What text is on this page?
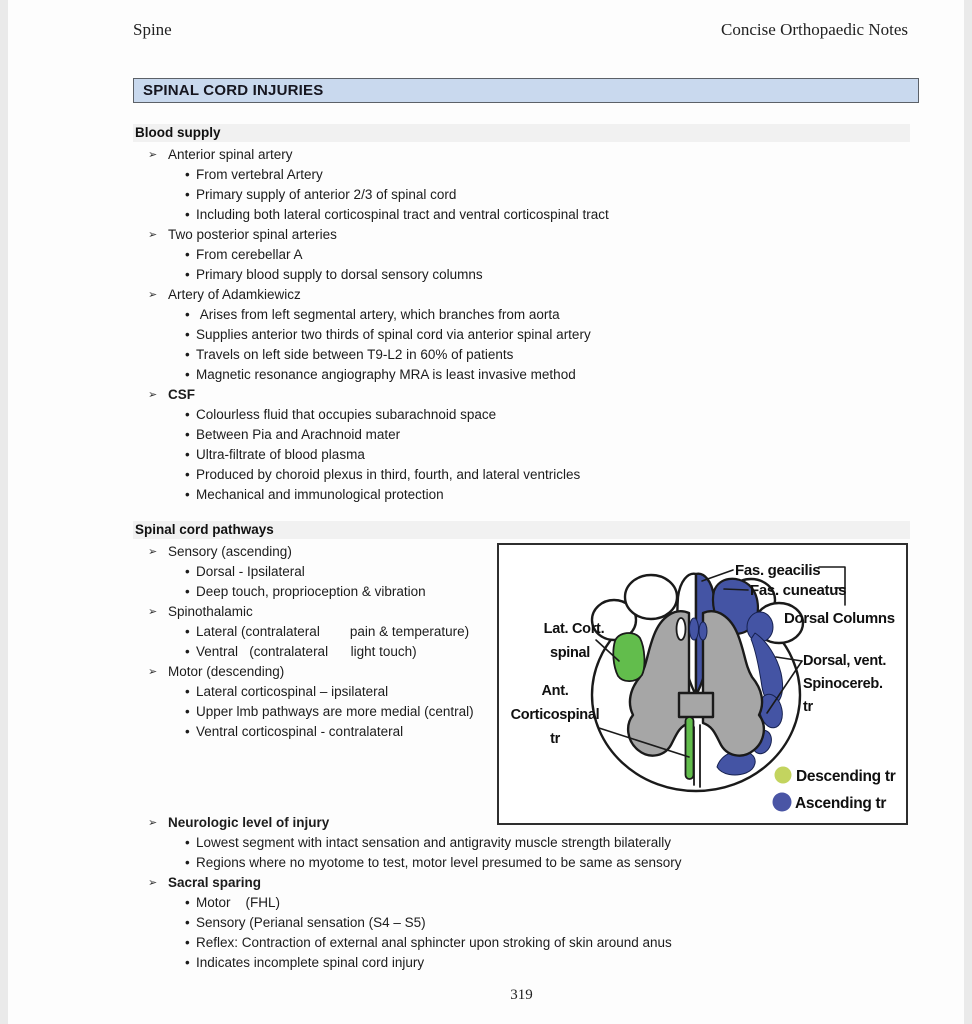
Spine	Concise Orthopaedic Notes
SPINAL CORD INJURIES
Blood supply
➢ Anterior spinal artery
• From vertebral Artery
• Primary supply of anterior 2/3 of spinal cord
• Including both lateral corticospinal tract and ventral corticospinal tract
➢ Two posterior spinal arteries
• From cerebellar A
• Primary blood supply to dorsal sensory columns
➢ Artery of Adamkiewicz
• Arises from left segmental artery, which branches from aorta
• Supplies anterior two thirds of spinal cord via anterior spinal artery
• Travels on left side between T9-L2 in 60% of patients
• Magnetic resonance angiography MRA is least invasive method
➢ CSF
• Colourless fluid that occupies subarachnoid space
• Between Pia and Arachnoid mater
• Ultra-filtrate of blood plasma
• Produced by choroid plexus in third, fourth, and lateral ventricles
• Mechanical and immunological protection
Spinal cord pathways
➢ Sensory (ascending)
• Dorsal - Ipsilateral
• Deep touch, proprioception & vibration
➢ Spinothalamic
• Lateral (contralateral        pain & temperature)
• Ventral   (contralateral      light touch)
➢ Motor (descending)
• Lateral corticospinal – ipsilateral
• Upper lmb pathways are more medial (central)
• Ventral corticospinal - contralateral
Fas. geacilis
Fas. cuneatus
Dorsal Columns
Lat. Cort.
spinal
Ant.
Corticospinal
tr
Dorsal, vent.
Spinocereb.
tr
Descending tr
Ascending tr
➢ Neurologic level of injury
• Lowest segment with intact sensation and antigravity muscle strength bilaterally
• Regions where no myotome to test, motor level presumed to be same as sensory
➢ Sacral sparing
• Motor    (FHL)
• Sensory (Perianal sensation (S4 – S5)
• Reflex: Contraction of external anal sphincter upon stroking of skin around anus
• Indicates incomplete spinal cord injury
319
